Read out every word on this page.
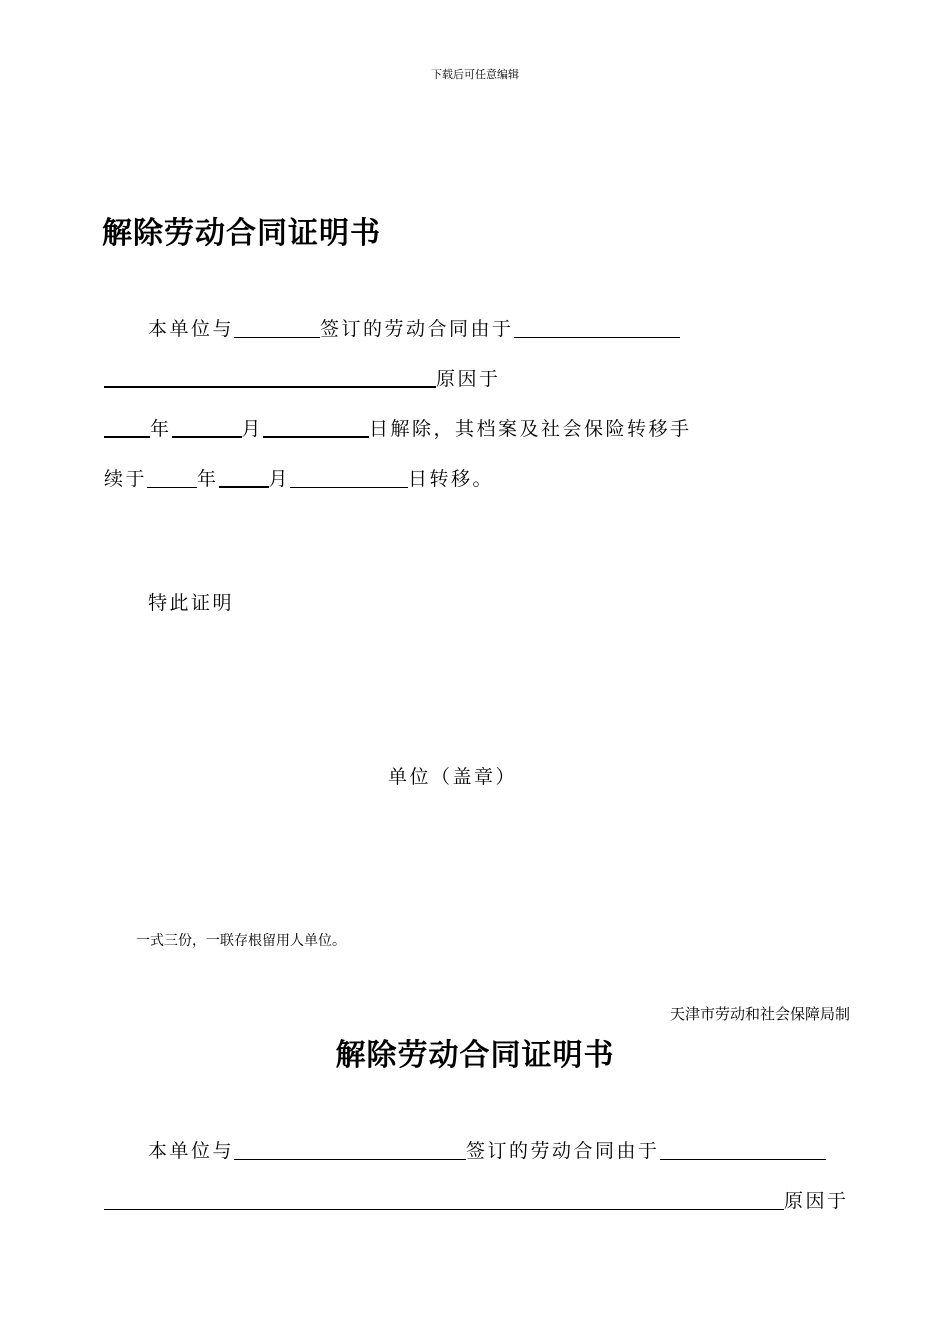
下载后可任意编辑
解除劳动合同证明书
本单位与	签订的劳动合同由于
原因于
年	月	日解除，其档案及社会保险转移手
续于	年	月	日转移。
特此证明
单位（盖章）
一式三份，一联存根留用人单位。
天津市劳动和社会保障局制
解除劳动合同证明书
本单位与	签订的劳动合同由于
原因于
